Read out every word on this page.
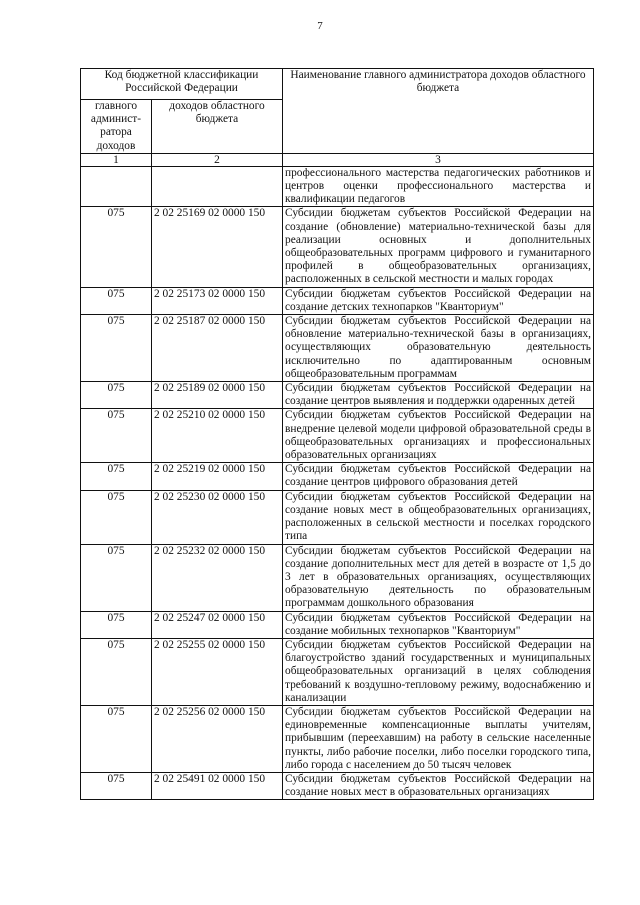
7
Код бюджетной классификации Российской Федерации		Наименование главного администратора доходов областного бюджета
главного админист-ратора доходов	доходов областного бюджета	
1	2	3
		профессионального мастерства педагогических работников и центров оценки профессионального мастерства и квалификации педагогов
075	2 02 25169 02 0000 150	Субсидии бюджетам субъектов Российской Федерации на создание (обновление) материально-технической базы для реализации основных и дополнительных общеобразовательных программ цифрового и гуманитарного профилей в общеобразовательных организациях, расположенных в сельской местности и малых городах
075	2 02 25173 02 0000 150	Субсидии бюджетам субъектов Российской Федерации на создание детских технопарков "Кванториум"
075	2 02 25187 02 0000 150	Субсидии бюджетам субъектов Российской Федерации на обновление материально-технической базы в организациях, осуществляющих образовательную деятельность исключительно по адаптированным основным общеобразовательным программам
075	2 02 25189 02 0000 150	Субсидии бюджетам субъектов Российской Федерации на создание центров выявления и поддержки одаренных детей
075	2 02 25210 02 0000 150	Субсидии бюджетам субъектов Российской Федерации на внедрение целевой модели цифровой образовательной среды в общеобразовательных организациях и профессиональных образовательных организациях
075	2 02 25219 02 0000 150	Субсидии бюджетам субъектов Российской Федерации на создание центров цифрового образования детей
075	2 02 25230 02 0000 150	Субсидии бюджетам субъектов Российской Федерации на создание новых мест в общеобразовательных организациях, расположенных в сельской местности и поселках городского типа
075	2 02 25232 02 0000 150	Субсидии бюджетам субъектов Российской Федерации на создание дополнительных мест для детей в возрасте от 1,5 до 3 лет в образовательных организациях, осуществляющих образовательную деятельность по образовательным программам дошкольного образования
075	2 02 25247 02 0000 150	Субсидии бюджетам субъектов Российской Федерации на создание мобильных технопарков "Кванториум"
075	2 02 25255 02 0000 150	Субсидии бюджетам субъектов Российской Федерации на благоустройство зданий государственных и муниципальных общеобразовательных организаций в целях соблюдения требований к воздушно-тепловому режиму, водоснабжению и канализации
075	2 02 25256 02 0000 150	Субсидии бюджетам субъектов Российской Федерации на единовременные компенсационные выплаты учителям, прибывшим (переехавшим) на работу в сельские населенные пункты, либо рабочие поселки, либо поселки городского типа, либо города с населением до 50 тысяч человек
075	2 02 25491 02 0000 150	Субсидии бюджетам субъектов Российской Федерации на создание новых мест в образовательных организациях
